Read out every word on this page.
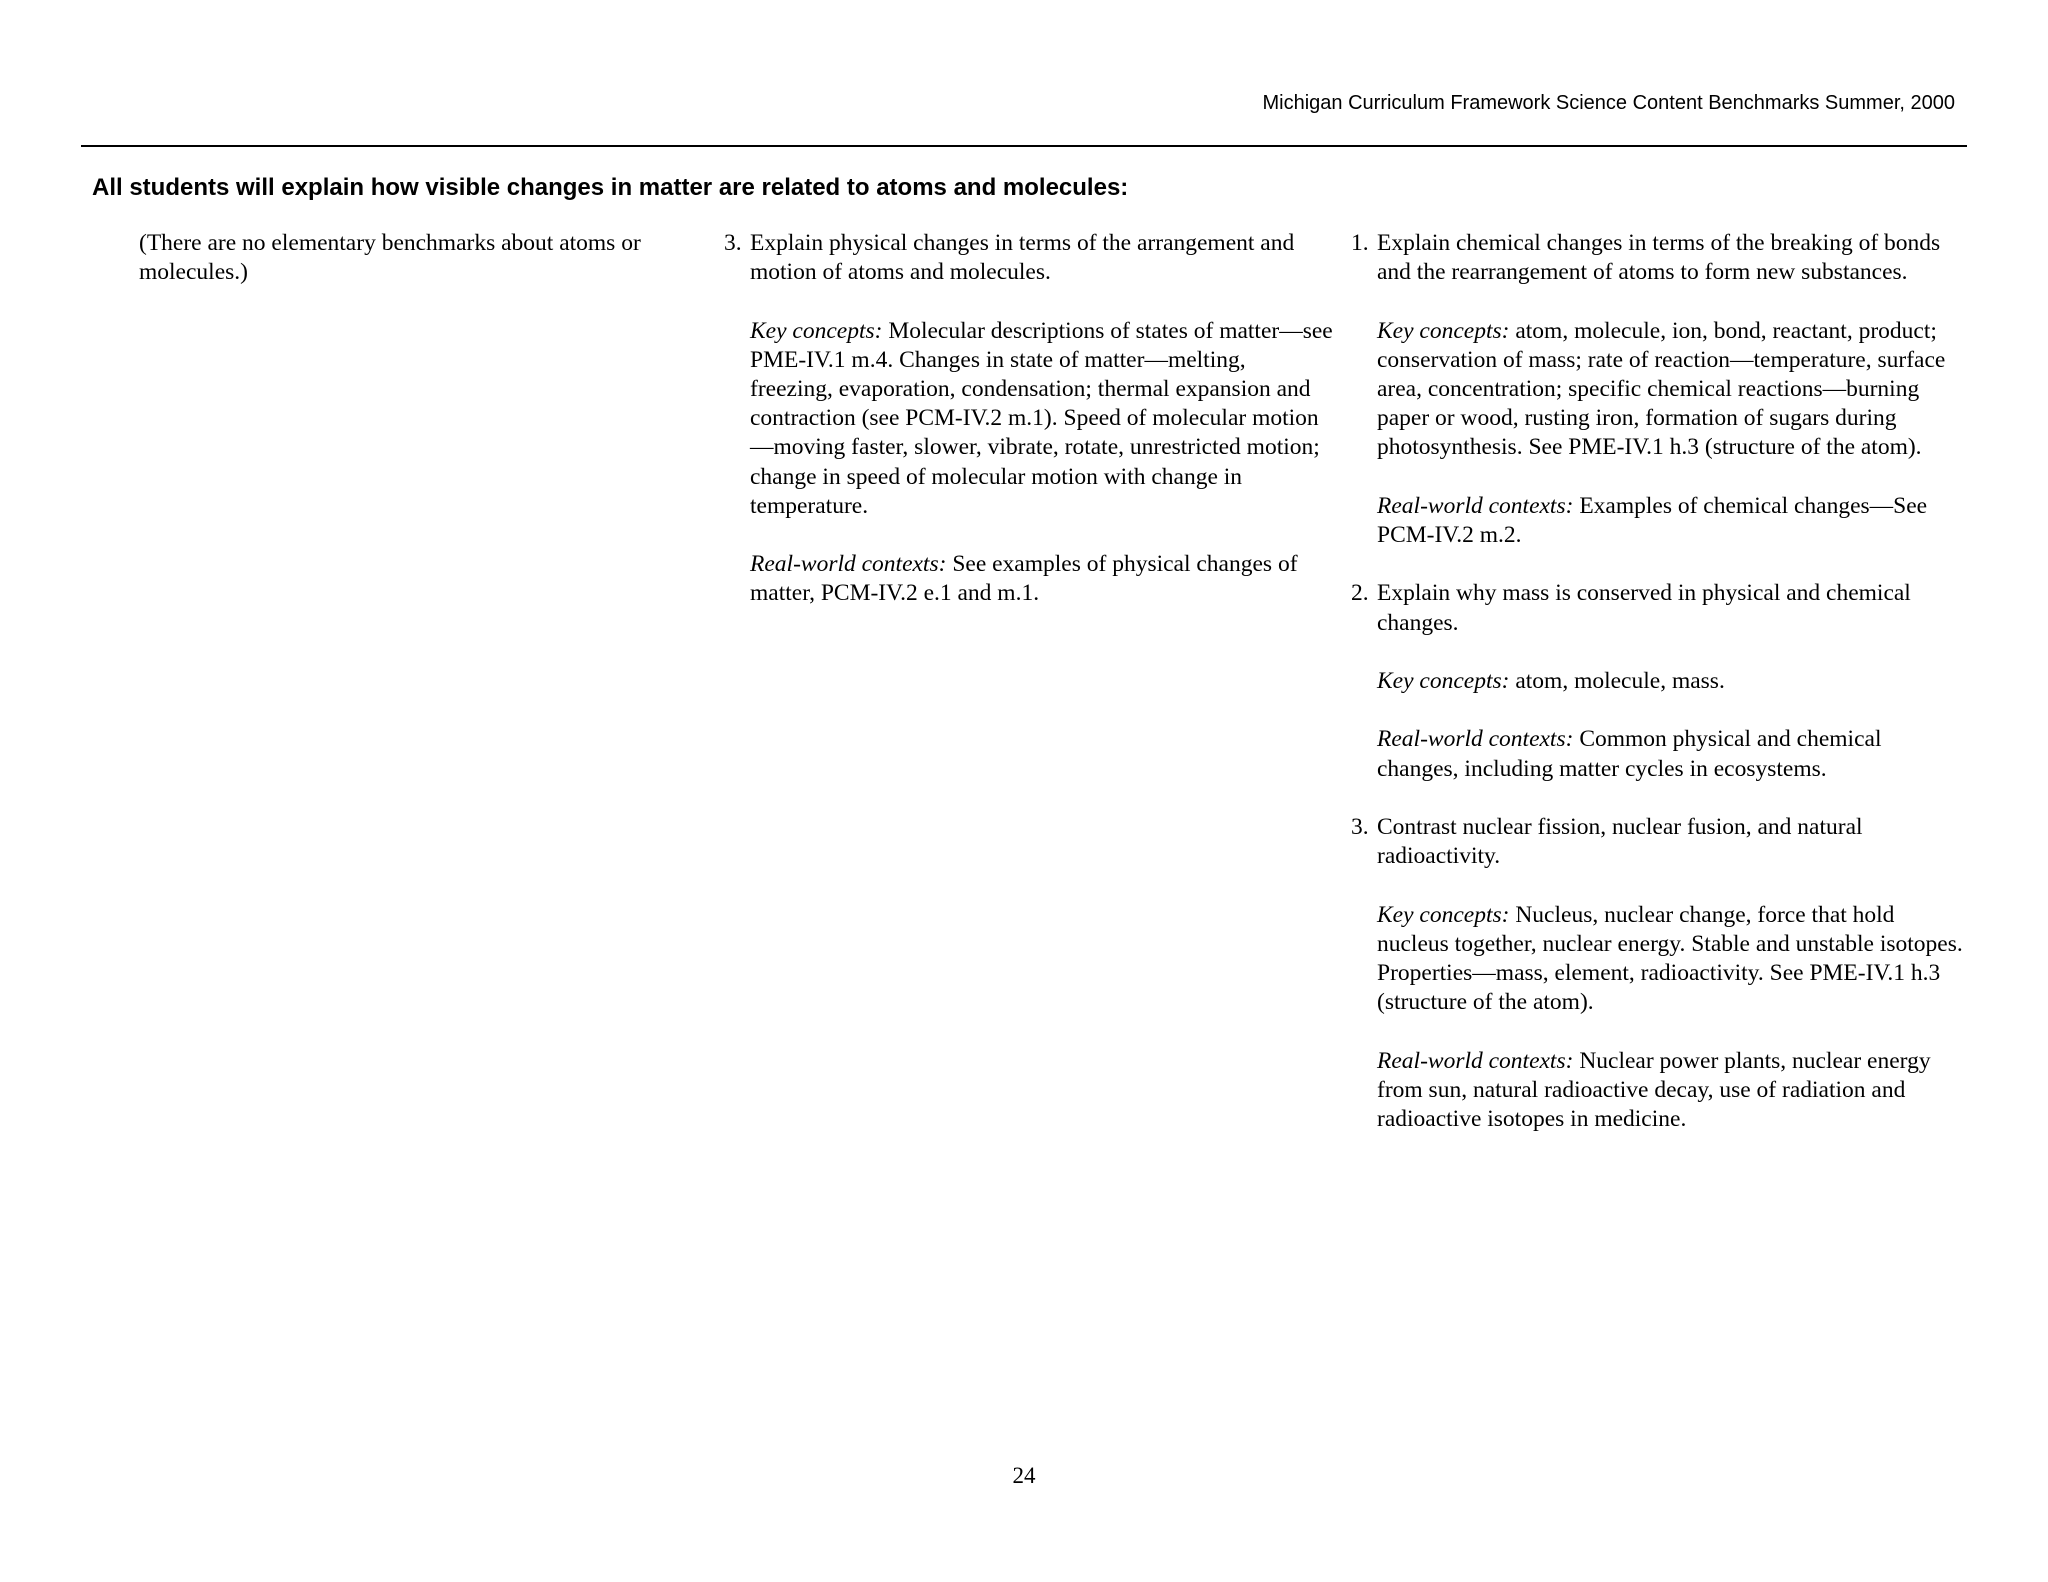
Michigan Curriculum Framework Science Content Benchmarks Summer, 2000
All students will explain how visible changes in matter are related to atoms and molecules:

(There are no elementary benchmarks about atoms or molecules.)

3. Explain physical changes in terms of the arrangement and motion of atoms and molecules.

Key concepts: Molecular descriptions of states of matter—see PME-IV.1 m.4. Changes in state of matter—melting, freezing, evaporation, condensation; thermal expansion and contraction (see PCM-IV.2 m.1). Speed of molecular motion—moving faster, slower, vibrate, rotate, unrestricted motion; change in speed of molecular motion with change in temperature.

Real-world contexts: See examples of physical changes of matter, PCM-IV.2 e.1 and m.1.

1. Explain chemical changes in terms of the breaking of bonds and the rearrangement of atoms to form new substances.

Key concepts: atom, molecule, ion, bond, reactant, product; conservation of mass; rate of reaction—temperature, surface area, concentration; specific chemical reactions—burning paper or wood, rusting iron, formation of sugars during photosynthesis. See PME-IV.1 h.3 (structure of the atom).

Real-world contexts: Examples of chemical changes—See PCM-IV.2 m.2.

2. Explain why mass is conserved in physical and chemical changes.

Key concepts: atom, molecule, mass.

Real-world contexts: Common physical and chemical changes, including matter cycles in ecosystems.

3. Contrast nuclear fission, nuclear fusion, and natural radioactivity.

Key concepts: Nucleus, nuclear change, force that hold nucleus together, nuclear energy. Stable and unstable isotopes. Properties—mass, element, radioactivity. See PME-IV.1 h.3 (structure of the atom).

Real-world contexts: Nuclear power plants, nuclear energy from sun, natural radioactive decay, use of radiation and radioactive isotopes in medicine.

24
